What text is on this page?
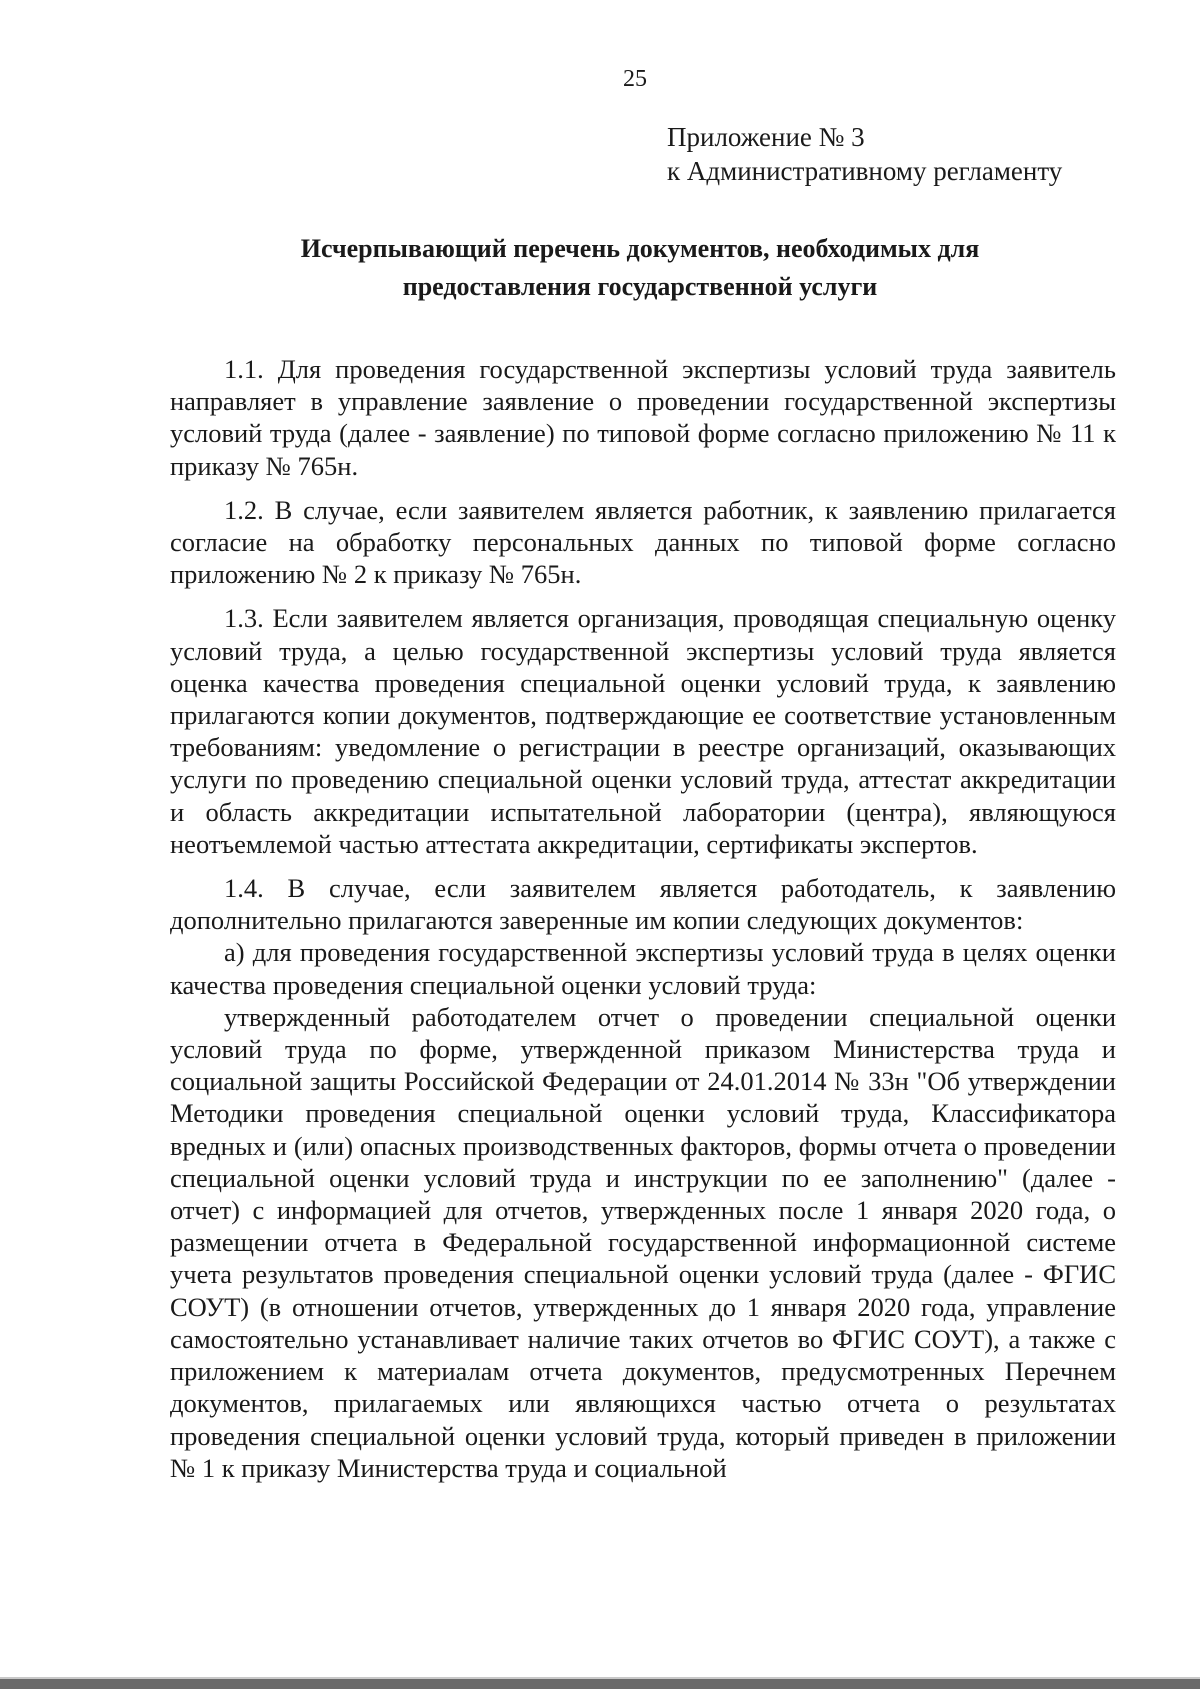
25
Приложение № 3
к Административному регламенту
Исчерпывающий перечень документов, необходимых для
предоставления государственной услуги

1.1. Для проведения государственной экспертизы условий труда заявитель направляет в управление заявление о проведении государственной экспертизы условий труда (далее - заявление) по типовой форме согласно приложению № 11 к приказу № 765н.

1.2. В случае, если заявителем является работник, к заявлению прилагается согласие на обработку персональных данных по типовой форме согласно приложению № 2 к приказу № 765н.

1.3. Если заявителем является организация, проводящая специальную оценку условий труда, а целью государственной экспертизы условий труда является оценка качества проведения специальной оценки условий труда, к заявлению прилагаются копии документов, подтверждающие ее соответствие установленным требованиям: уведомление о регистрации в реестре организаций, оказывающих услуги по проведению специальной оценки условий труда, аттестат аккредитации и область аккредитации испытательной лаборатории (центра), являющуюся неотъемлемой частью аттестата аккредитации, сертификаты экспертов.

1.4. В случае, если заявителем является работодатель, к заявлению дополнительно прилагаются заверенные им копии следующих документов:

а) для проведения государственной экспертизы условий труда в целях оценки качества проведения специальной оценки условий труда:

утвержденный работодателем отчет о проведении специальной оценки условий труда по форме, утвержденной приказом Министерства труда и социальной защиты Российской Федерации от 24.01.2014 № 33н "Об утверждении Методики проведения специальной оценки условий труда, Классификатора вредных и (или) опасных производственных факторов, формы отчета о проведении специальной оценки условий труда и инструкции по ее заполнению" (далее - отчет) с информацией для отчетов, утвержденных после 1 января 2020 года, о размещении отчета в Федеральной государственной информационной системе учета результатов проведения специальной оценки условий труда (далее - ФГИС СОУТ) (в отношении отчетов, утвержденных до 1 января 2020 года, управление самостоятельно устанавливает наличие таких отчетов во ФГИС СОУТ), а также с приложением к материалам отчета документов, предусмотренных Перечнем документов, прилагаемых или являющихся частью отчета о результатах проведения специальной оценки условий труда, который приведен в приложении № 1 к приказу Министерства труда и социальной
